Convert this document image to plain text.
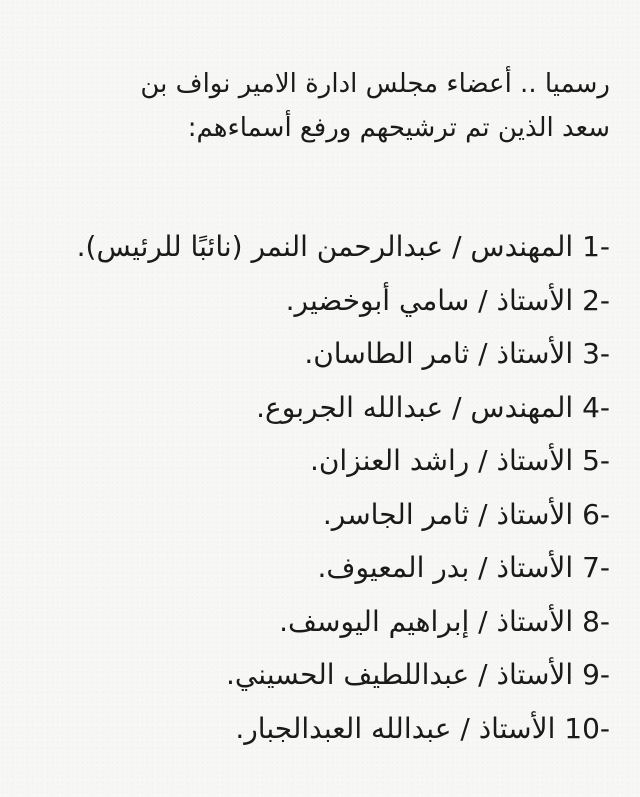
رسميا .. أعضاء مجلس ادارة الامير نواف بن
سعد الذين تم ترشيحهم ورفع أسماءهم:

1- المهندس / عبدالرحمن النمر (نائبًا للرئيس).
2- الأستاذ / سامي أبوخضير.
3- الأستاذ / ثامر الطاسان.
4- المهندس / عبدالله الجربوع.
5- الأستاذ / راشد العنزان.
6- الأستاذ / ثامر الجاسر.
7- الأستاذ / بدر المعيوف.
8- الأستاذ / إبراهيم اليوسف.
9- الأستاذ / عبداللطيف الحسيني.
10- الأستاذ / عبدالله العبدالجبار.
